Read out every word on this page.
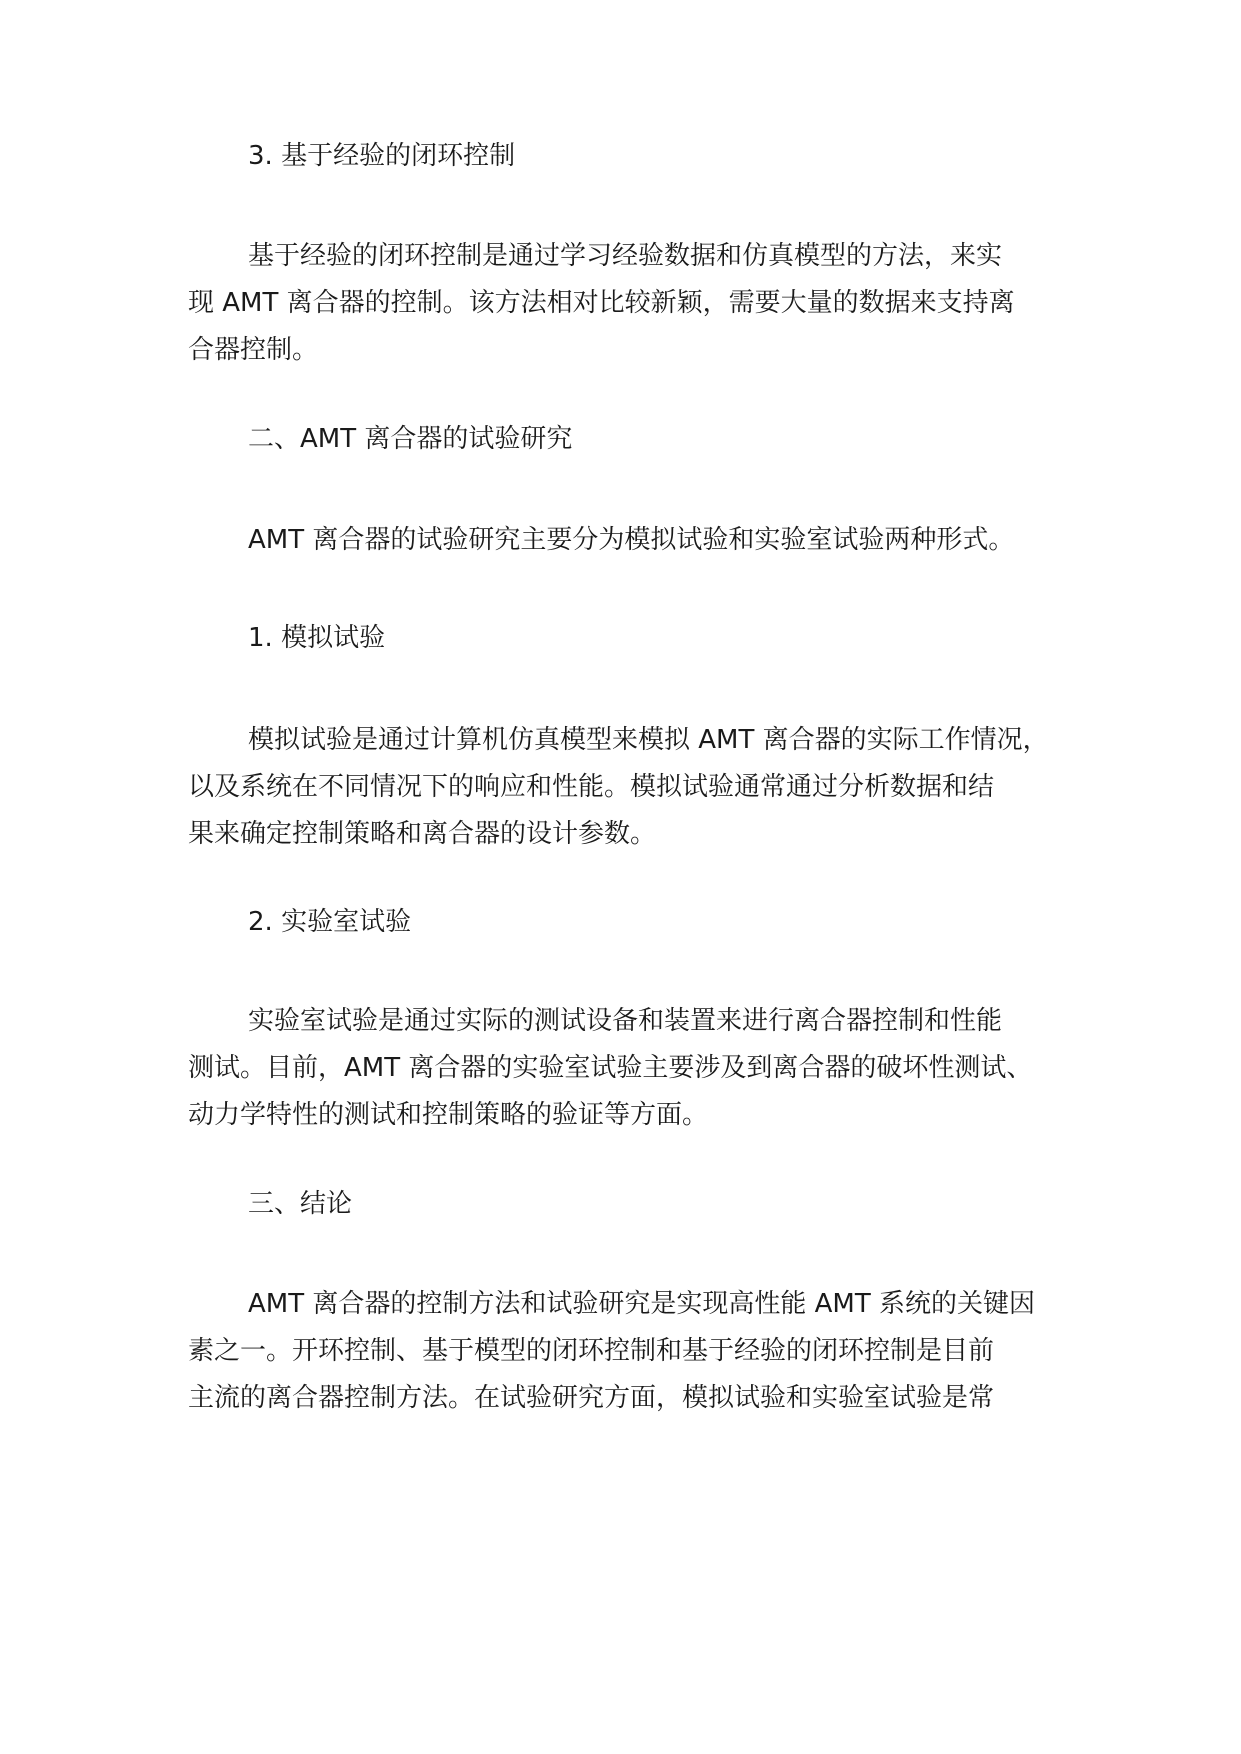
3. 基于经验的闭环控制
基于经验的闭环控制是通过学习经验数据和仿真模型的方法，来实
现 AMT 离合器的控制。该方法相对比较新颖，需要大量的数据来支持离
合器控制。
二、AMT 离合器的试验研究
AMT 离合器的试验研究主要分为模拟试验和实验室试验两种形式。
1. 模拟试验
模拟试验是通过计算机仿真模型来模拟 AMT 离合器的实际工作情况，
以及系统在不同情况下的响应和性能。模拟试验通常通过分析数据和结
果来确定控制策略和离合器的设计参数。
2. 实验室试验
实验室试验是通过实际的测试设备和装置来进行离合器控制和性能
测试。目前，AMT 离合器的实验室试验主要涉及到离合器的破坏性测试、
动力学特性的测试和控制策略的验证等方面。
三、结论
AMT 离合器的控制方法和试验研究是实现高性能 AMT 系统的关键因
素之一。开环控制、基于模型的闭环控制和基于经验的闭环控制是目前
主流的离合器控制方法。在试验研究方面，模拟试验和实验室试验是常
